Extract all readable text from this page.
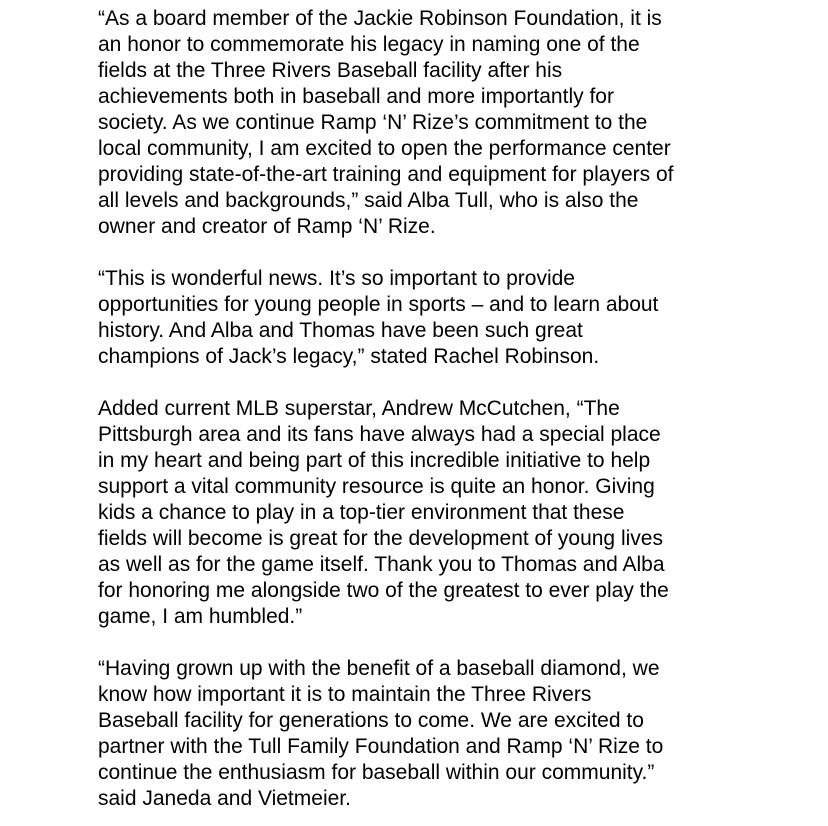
“As a board member of the Jackie Robinson Foundation, it is
an honor to commemorate his legacy in naming one of the
fields at the Three Rivers Baseball facility after his
achievements both in baseball and more importantly for
society. As we continue Ramp ‘N’ Rize’s commitment to the
local community, I am excited to open the performance center
providing state-of-the-art training and equipment for players of
all levels and backgrounds,” said Alba Tull, who is also the
owner and creator of Ramp ‘N’ Rize.

“This is wonderful news. It’s so important to provide
opportunities for young people in sports – and to learn about
history. And Alba and Thomas have been such great
champions of Jack’s legacy,” stated Rachel Robinson.

Added current MLB superstar, Andrew McCutchen, “The
Pittsburgh area and its fans have always had a special place
in my heart and being part of this incredible initiative to help
support a vital community resource is quite an honor. Giving
kids a chance to play in a top-tier environment that these
fields will become is great for the development of young lives
as well as for the game itself. Thank you to Thomas and Alba
for honoring me alongside two of the greatest to ever play the
game, I am humbled.”

“Having grown up with the benefit of a baseball diamond, we
know how important it is to maintain the Three Rivers
Baseball facility for generations to come. We are excited to
partner with the Tull Family Foundation and Ramp ‘N’ Rize to
continue the enthusiasm for baseball within our community.”
said Janeda and Vietmeier.
